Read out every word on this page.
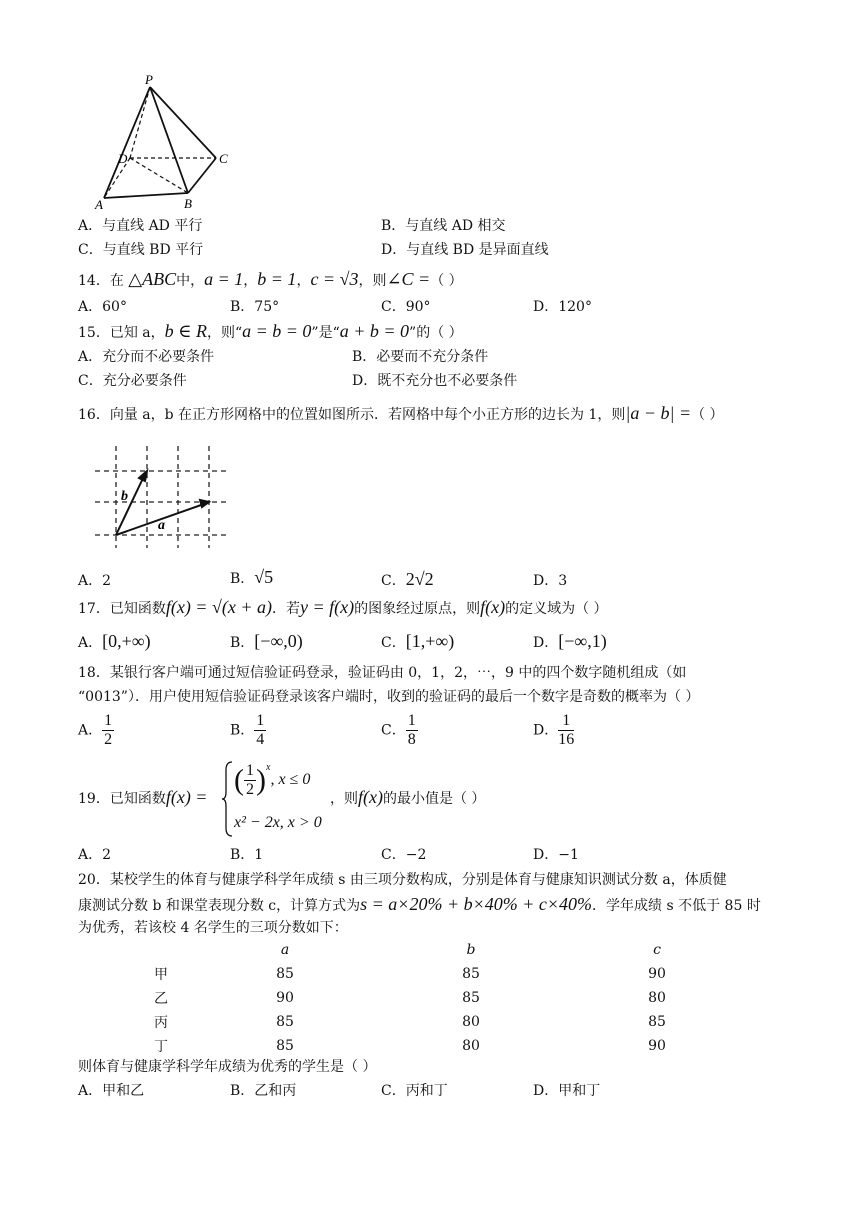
P
D	C
A	B
A．与直线 AD 平行	B．与直线 AD 相交
C．与直线 BD 平行	D．与直线 BD 是异面直线
14．在 △ABC中，a = 1，b = 1，c = √3，则∠C =（ ）
A．60°	B．75°	C．90°	D．120°
15．已知 a，b ∈ R，则“a = b = 0”是“a + b = 0”的（ ）
A．充分而不必要条件	B．必要而不充分条件
C．充分必要条件	D．既不充分也不必要条件
16．向量 a，b 在正方形网格中的位置如图所示．若网格中每个小正方形的边长为 1，则|a − b| =（ ）
b
a
A．2	B．√5	C．2√2	D．3
17．已知函数f(x) = √(x + a)．若y = f(x)的图象经过原点，则f(x)的定义域为（ ）
A．[0,+∞)	B．[−∞,0)	C．[1,+∞)	D．[−∞,1)
18．某银行客户端可通过短信验证码登录，验证码由 0，1，2，⋯，9 中的四个数字随机组成（如
“0013”）．用户使用短信验证码登录该客户端时，收到的验证码的最后一个数字是奇数的概率为（ ）
A． $\frac{1}{2}$	B． $\frac{1}{4}$	C． $\frac{1}{8}$	D． $\frac{1}{16}$
19．已知函数f(x) =
( $\frac{1}{2} )^x$, x ≤ 0
x² − 2x, x > 0
，则f(x)的最小值是（ ）
A．2	B．1	C．−2	D．−1
20．某校学生的体育与健康学科学年成绩 s 由三项分数构成，分别是体育与健康知识测试分数 a，体质健
康测试分数 b 和课堂表现分数 c，计算方式为s = a×20% + b×40% + c×40%．学年成绩 s 不低于 85 时
为优秀，若该校 4 名学生的三项分数如下：
	a	b	c
甲	85	85	90
乙	90	85	80
丙	85	80	85
丁	85	80	90
则体育与健康学科学年成绩为优秀的学生是（ ）
A．甲和乙	B．乙和丙	C．丙和丁	D．甲和丁
